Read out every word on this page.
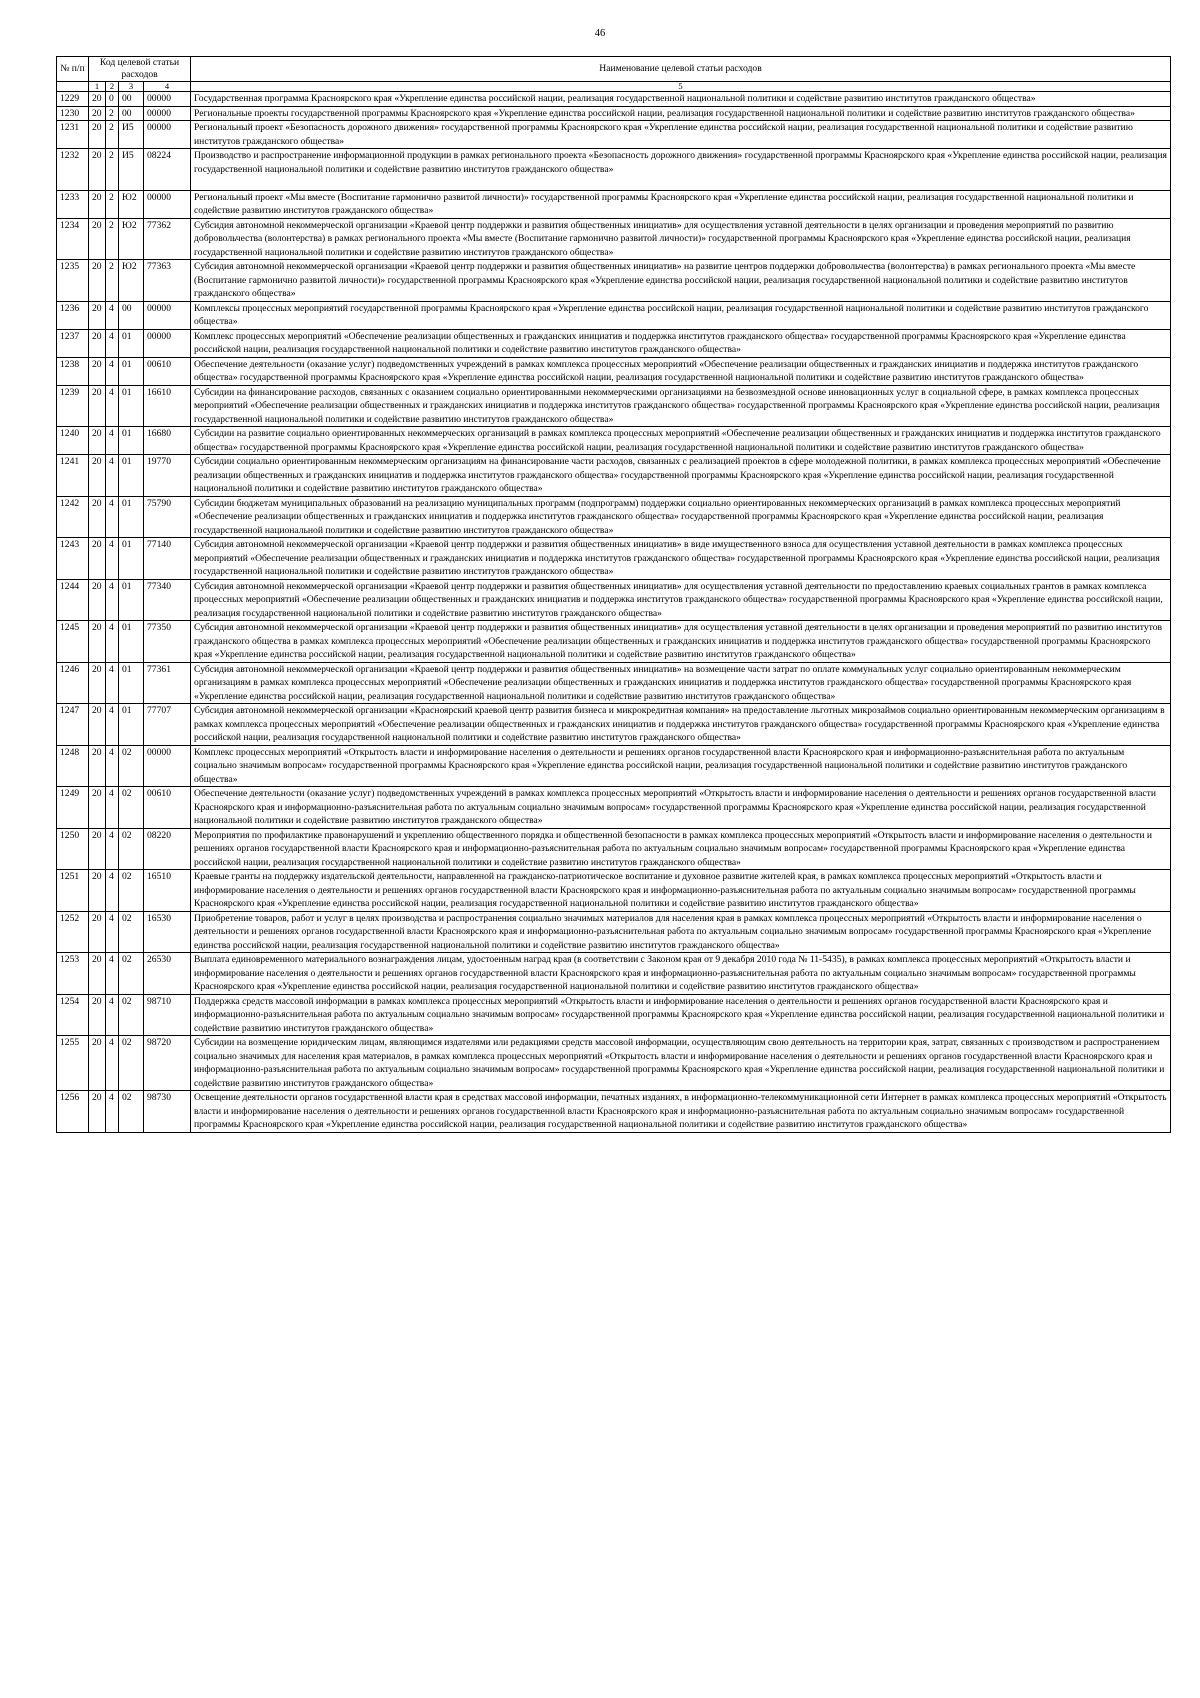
46
№ п/п	Код целевой статьи расходов				Наименование целевой статьи расходов

	1	2	3	4	5
1229	20	0	00	00000	Государственная программа Красноярского края «Укрепление единства российской нации, реализация государственной национальной политики и содействие развитию институтов гражданского общества»
1230	20	2	00	00000	Региональные проекты государственной программы Красноярского края «Укрепление единства российской нации, реализация государственной национальной политики и содействие развитию институтов гражданского общества»
1231	20	2	И5	00000	Региональный проект «Безопасность дорожного движения» государственной программы Красноярского края «Укрепление единства российской нации, реализация государственной национальной политики и содействие развитию институтов гражданского общества»
1232	20	2	И5	08224	Производство и распространение информационной продукции в рамках регионального проекта «Безопасность дорожного движения» государственной программы Красноярского края «Укрепление единства российской нации, реализация государственной национальной политики и содействие развитию институтов гражданского общества»
1233	20	2	Ю2	00000	Региональный проект «Мы вместе (Воспитание гармонично развитой личности)» государственной программы Красноярского края «Укрепление единства российской нации, реализация государственной национальной политики и содействие развитию институтов гражданского общества»
1234	20	2	Ю2	77362	Субсидия автономной некоммерческой организации «Краевой центр поддержки и развития общественных инициатив» для осуществления уставной деятельности в целях организации и проведения мероприятий по развитию добровольчества (волонтерства) в рамках регионального проекта «Мы вместе (Воспитание гармонично развитой личности)» государственной программы Красноярского края «Укрепление единства российской нации, реализация государственной национальной политики и содействие развитию институтов гражданского общества»
1235	20	2	Ю2	77363	Субсидия автономной некоммерческой организации «Краевой центр поддержки и развития общественных инициатив» на развитие центров поддержки добровольчества (волонтерства) в рамках регионального проекта «Мы вместе (Воспитание гармонично развитой личности)» государственной программы Красноярского края «Укрепление единства российской нации, реализация государственной национальной политики и содействие развитию институтов гражданского общества»
1236	20	4	00	00000	Комплексы процессных мероприятий государственной программы Красноярского края «Укрепление единства российской нации, реализация государственной национальной политики и содействие развитию институтов гражданского общества»
1237	20	4	01	00000	Комплекс процессных мероприятий «Обеспечение реализации общественных и гражданских инициатив и поддержка институтов гражданского общества» государственной программы Красноярского края «Укрепление единства российской нации, реализация государственной национальной политики и содействие развитию институтов гражданского общества»
1238	20	4	01	00610	Обеспечение деятельности (оказание услуг) подведомственных учреждений в рамках комплекса процессных мероприятий «Обеспечение реализации общественных и гражданских инициатив и поддержка институтов гражданского общества» государственной программы Красноярского края «Укрепление единства российской нации, реализация государственной национальной политики и содействие развитию институтов гражданского общества»
1239	20	4	01	16610	Субсидии на финансирование расходов, связанных с оказанием социально ориентированными некоммерческими организациями на безвозмездной основе инновационных услуг в социальной сфере, в рамках комплекса процессных мероприятий «Обеспечение реализации общественных и гражданских инициатив и поддержка институтов гражданского общества» государственной программы Красноярского края «Укрепление единства российской нации, реализация государственной национальной политики и содействие развитию институтов гражданского общества»
1240	20	4	01	16680	Субсидии на развитие социально ориентированных некоммерческих организаций в рамках комплекса процессных мероприятий «Обеспечение реализации общественных и гражданских инициатив и поддержка институтов гражданского общества» государственной программы Красноярского края «Укрепление единства российской нации, реализация государственной национальной политики и содействие развитию институтов гражданского общества»
1241	20	4	01	19770	Субсидии социально ориентированным некоммерческим организациям на финансирование части расходов, связанных с реализацией проектов в сфере молодежной политики, в рамках комплекса процессных мероприятий «Обеспечение реализации общественных и гражданских инициатив и поддержка институтов гражданского общества» государственной программы Красноярского края «Укрепление единства российской нации, реализация государственной национальной политики и содействие развитию институтов гражданского общества»
1242	20	4	01	75790	Субсидии бюджетам муниципальных образований на реализацию муниципальных программ (подпрограмм) поддержки социально ориентированных некоммерческих организаций в рамках комплекса процессных мероприятий «Обеспечение реализации общественных и гражданских инициатив и поддержка институтов гражданского общества» государственной программы Красноярского края «Укрепление единства российской нации, реализация государственной национальной политики и содействие развитию институтов гражданского общества»
1243	20	4	01	77140	Субсидия автономной некоммерческой организации «Краевой центр поддержки и развития общественных инициатив» в виде имущественного взноса для осуществления уставной деятельности в рамках комплекса процессных мероприятий «Обеспечение реализации общественных и гражданских инициатив и поддержка институтов гражданского общества» государственной программы Красноярского края «Укрепление единства российской нации, реализация государственной национальной политики и содействие развитию институтов гражданского общества»
1244	20	4	01	77340	Субсидия автономной некоммерческой организации «Краевой центр поддержки и развития общественных инициатив» для осуществления уставной деятельности по предоставлению краевых социальных грантов в рамках комплекса процессных мероприятий «Обеспечение реализации общественных и гражданских инициатив и поддержка институтов гражданского общества» государственной программы Красноярского края «Укрепление единства российской нации, реализация государственной национальной политики и содействие развитию институтов гражданского общества»
1245	20	4	01	77350	Субсидия автономной некоммерческой организации «Краевой центр поддержки и развития общественных инициатив» для осуществления уставной деятельности в целях организации и проведения мероприятий по развитию институтов гражданского общества в рамках комплекса процессных мероприятий «Обеспечение реализации общественных и гражданских инициатив и поддержка институтов гражданского общества» государственной программы Красноярского края «Укрепление единства российской нации, реализация государственной национальной политики и содействие развитию институтов гражданского общества»
1246	20	4	01	77361	Субсидия автономной некоммерческой организации «Краевой центр поддержки и развития общественных инициатив» на возмещение части затрат по оплате коммунальных услуг социально ориентированным некоммерческим организациям в рамках комплекса процессных мероприятий «Обеспечение реализации общественных и гражданских инициатив и поддержка институтов гражданского общества» государственной программы Красноярского края «Укрепление единства российской нации, реализация государственной национальной политики и содействие развитию институтов гражданского общества»
1247	20	4	01	77707	Субсидия автономной некоммерческой организации «Красноярский краевой центр развития бизнеса и микрокредитная компания» на предоставление льготных микрозаймов социально ориентированным некоммерческим организациям в рамках комплекса процессных мероприятий «Обеспечение реализации общественных и гражданских инициатив и поддержка институтов гражданского общества» государственной программы Красноярского края «Укрепление единства российской нации, реализация государственной национальной политики и содействие развитию институтов гражданского общества»
1248	20	4	02	00000	Комплекс процессных мероприятий «Открытость власти и информирование населения о деятельности и решениях органов государственной власти Красноярского края и информационно-разъяснительная работа по актуальным социально значимым вопросам» государственной программы Красноярского края «Укрепление единства российской нации, реализация государственной национальной политики и содействие развитию институтов гражданского общества»
1249	20	4	02	00610	Обеспечение деятельности (оказание услуг) подведомственных учреждений в рамках комплекса процессных мероприятий «Открытость власти и информирование населения о деятельности и решениях органов государственной власти Красноярского края и информационно-разъяснительная работа по актуальным социально значимым вопросам» государственной программы Красноярского края «Укрепление единства российской нации, реализация государственной национальной политики и содействие развитию институтов гражданского общества»
1250	20	4	02	08220	Мероприятия по профилактике правонарушений и укреплению общественного порядка и общественной безопасности в рамках комплекса процессных мероприятий «Открытость власти и информирование населения о деятельности и решениях органов государственной власти Красноярского края и информационно-разъяснительная работа по актуальным социально значимым вопросам» государственной программы Красноярского края «Укрепление единства российской нации, реализация государственной национальной политики и содействие развитию институтов гражданского общества»
1251	20	4	02	16510	Краевые гранты на поддержку издательской деятельности, направленной на гражданско-патриотическое воспитание и духовное развитие жителей края, в рамках комплекса процессных мероприятий «Открытость власти и информирование населения о деятельности и решениях органов государственной власти Красноярского края и информационно-разъяснительная работа по актуальным социально значимым вопросам» государственной программы Красноярского края «Укрепление единства российской нации, реализация государственной национальной политики и содействие развитию институтов гражданского общества»
1252	20	4	02	16530	Приобретение товаров, работ и услуг в целях производства и распространения социально значимых материалов для населения края в рамках комплекса процессных мероприятий «Открытость власти и информирование населения о деятельности и решениях органов государственной власти Красноярского края и информационно-разъяснительная работа по актуальным социально значимым вопросам» государственной программы Красноярского края «Укрепление единства российской нации, реализация государственной национальной политики и содействие развитию институтов гражданского общества»
1253	20	4	02	26530	Выплата единовременного материального вознаграждения лицам, удостоенным наград края (в соответствии с Законом края от 9 декабря 2010 года № 11-5435), в рамках комплекса процессных мероприятий «Открытость власти и информирование населения о деятельности и решениях органов государственной власти Красноярского края и информационно-разъяснительная работа по актуальным социально значимым вопросам» государственной программы Красноярского края «Укрепление единства российской нации, реализация государственной национальной политики и содействие развитию институтов гражданского общества»
1254	20	4	02	98710	Поддержка средств массовой информации в рамках комплекса процессных мероприятий «Открытость власти и информирование населения о деятельности и решениях органов государственной власти Красноярского края и информационно-разъяснительная работа по актуальным социально значимым вопросам» государственной программы Красноярского края «Укрепление единства российской нации, реализация государственной национальной политики и содействие развитию институтов гражданского общества»
1255	20	4	02	98720	Субсидии на возмещение юридическим лицам, являющимся издателями или редакциями средств массовой информации, осуществляющим свою деятельность на территории края, затрат, связанных с производством и распространением социально значимых для населения края материалов, в рамках комплекса процессных мероприятий «Открытость власти и информирование населения о деятельности и решениях органов государственной власти Красноярского края и информационно-разъяснительная работа по актуальным социально значимым вопросам» государственной программы Красноярского края «Укрепление единства российской нации, реализация государственной национальной политики и содействие развитию институтов гражданского общества»
1256	20	4	02	98730	Освещение деятельности органов государственной власти края в средствах массовой информации, печатных изданиях, в информационно-телекоммуникационной сети Интернет в рамках комплекса процессных мероприятий «Открытость власти и информирование населения о деятельности и решениях органов государственной власти Красноярского края и информационно-разъяснительная работа по актуальным социально значимым вопросам» государственной программы Красноярского края «Укрепление единства российской нации, реализация государственной национальной политики и содействие развитию институтов гражданского общества»
